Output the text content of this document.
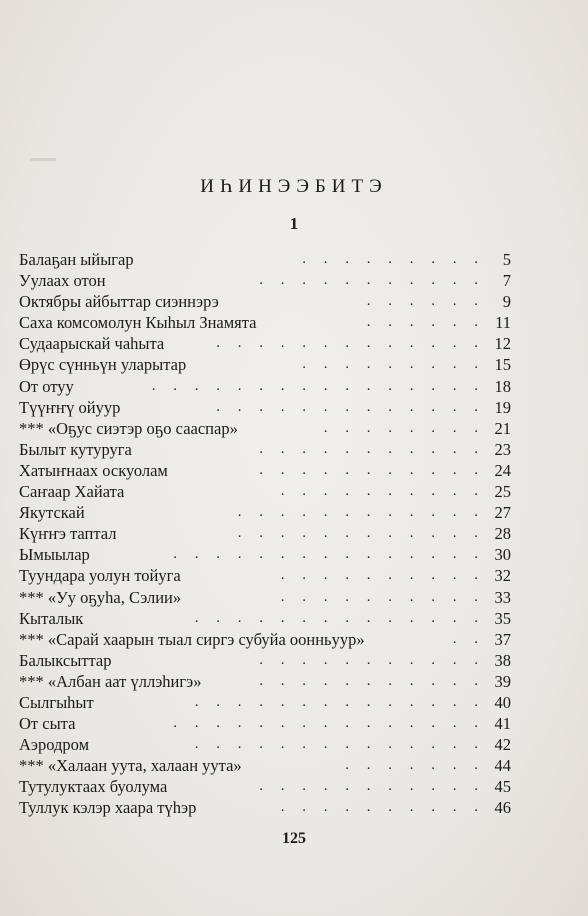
ИҺИНЭЭБИТЭ
1
. . . . . . . . .
Балаҕан ыйыгар	5
. . . . . . . . . . .
Уулаах отон	7
. . . . . .
Октябры айбыттар сиэннэрэ	9
. . . . . .
Саха комсомолун Кыһыл Знамята	11
. . . . . . . . . . . . .
Судаарыскай чаһыта	12
. . . . . . . . .
Өрүс сүнньүн уларытар	15
. . . . . . . . . . . . . . . .
От отуу	18
. . . . . . . . . . . . .
Түүҥҥү ойуур	19
. . . . . . . .
*** «Оҕус сиэтэр оҕо сааспар»	21
. . . . . . . . . . .
Былыт кутуруга	23
. . . . . . . . . . .
Хатыҥнаах оскуолам	24
. . . . . . . . . .
Саҥаар Хайата	25
. . . . . . . . . . . .
Якутскай	27
. . . . . . . . . . . .
Күҥҥэ таптал	28
. . . . . . . . . . . . . . .
Ымыылар	30
. . . . . . . . . .
Туундара уолун тойуга	32
. . . . . . . . . .
*** «Уу оҕуһа, Сэлии»	33
. . . . . . . . . . . . . .
Кыталык	35
. .
*** «Сарай хаарын тыал сиргэ субуйа оонньуур»	37
. . . . . . . . . . .
Балыксыттар	38
. . . . . . . . . . .
*** «Албан аат үллэһигэ»	39
. . . . . . . . . . . . . .
Сылгыһыт	40
. . . . . . . . . . . . . . .
От сыта	41
. . . . . . . . . . . . . .
Аэродром	42
. . . . . . .
*** «Халаан уута, халаан уута»	44
. . . . . . . . . . .
Тутулуктаах буолума	45
. . . . . . . . . .
Туллук кэлэр хаара түһэр	46
125
